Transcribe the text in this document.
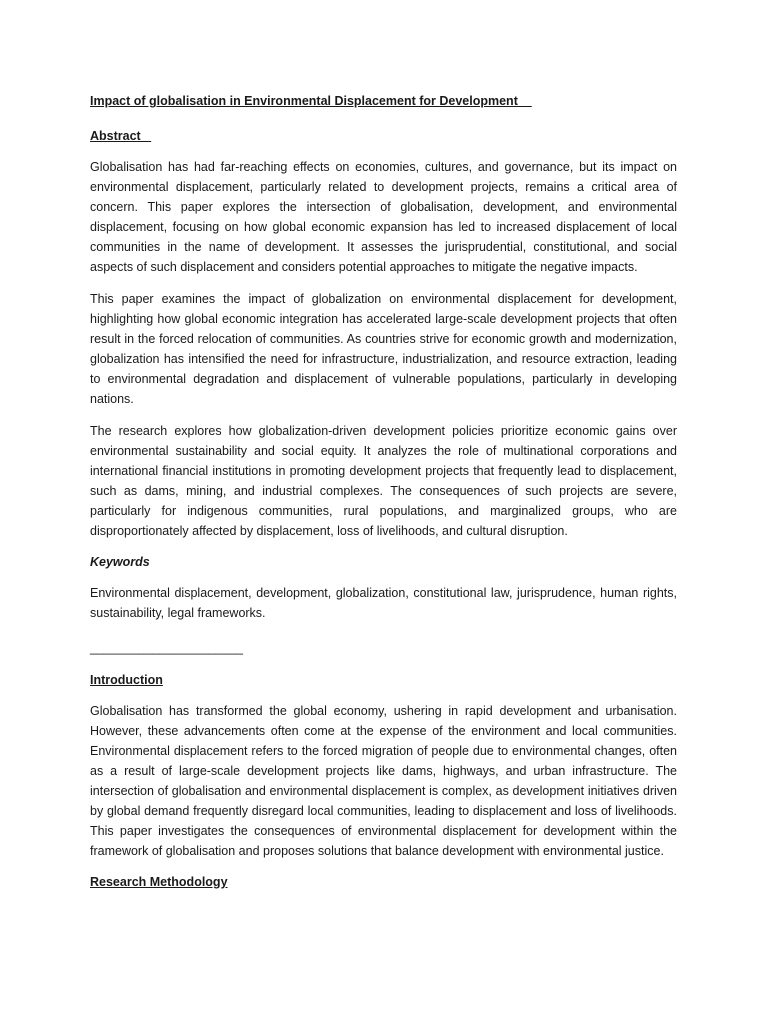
Impact of globalisation in Environmental Displacement for Development
Abstract

Globalisation has had far-reaching effects on economies, cultures, and governance, but its impact on environmental displacement, particularly related to development projects, remains a critical area of concern. This paper explores the intersection of globalisation, development, and environmental displacement, focusing on how global economic expansion has led to increased displacement of local communities in the name of development. It assesses the jurisprudential, constitutional, and social aspects of such displacement and considers potential approaches to mitigate the negative impacts.

This paper examines the impact of globalization on environmental displacement for development, highlighting how global economic integration has accelerated large-scale development projects that often result in the forced relocation of communities. As countries strive for economic growth and modernization, globalization has intensified the need for infrastructure, industrialization, and resource extraction, leading to environmental degradation and displacement of vulnerable populations, particularly in developing nations.

The research explores how globalization-driven development policies prioritize economic gains over environmental sustainability and social equity. It analyzes the role of multinational corporations and international financial institutions in promoting development projects that frequently lead to displacement, such as dams, mining, and industrial complexes. The consequences of such projects are severe, particularly for indigenous communities, rural populations, and marginalized groups, who are disproportionately affected by displacement, loss of livelihoods, and cultural disruption.

Keywords

Environmental displacement, development, globalization, constitutional law, jurisprudence, human rights, sustainability, legal frameworks.

______________________
Introduction

Globalisation has transformed the global economy, ushering in rapid development and urbanisation. However, these advancements often come at the expense of the environment and local communities. Environmental displacement refers to the forced migration of people due to environmental changes, often as a result of large-scale development projects like dams, highways, and urban infrastructure. The intersection of globalisation and environmental displacement is complex, as development initiatives driven by global demand frequently disregard local communities, leading to displacement and loss of livelihoods. This paper investigates the consequences of environmental displacement for development within the framework of globalisation and proposes solutions that balance development with environmental justice.

Research Methodology
